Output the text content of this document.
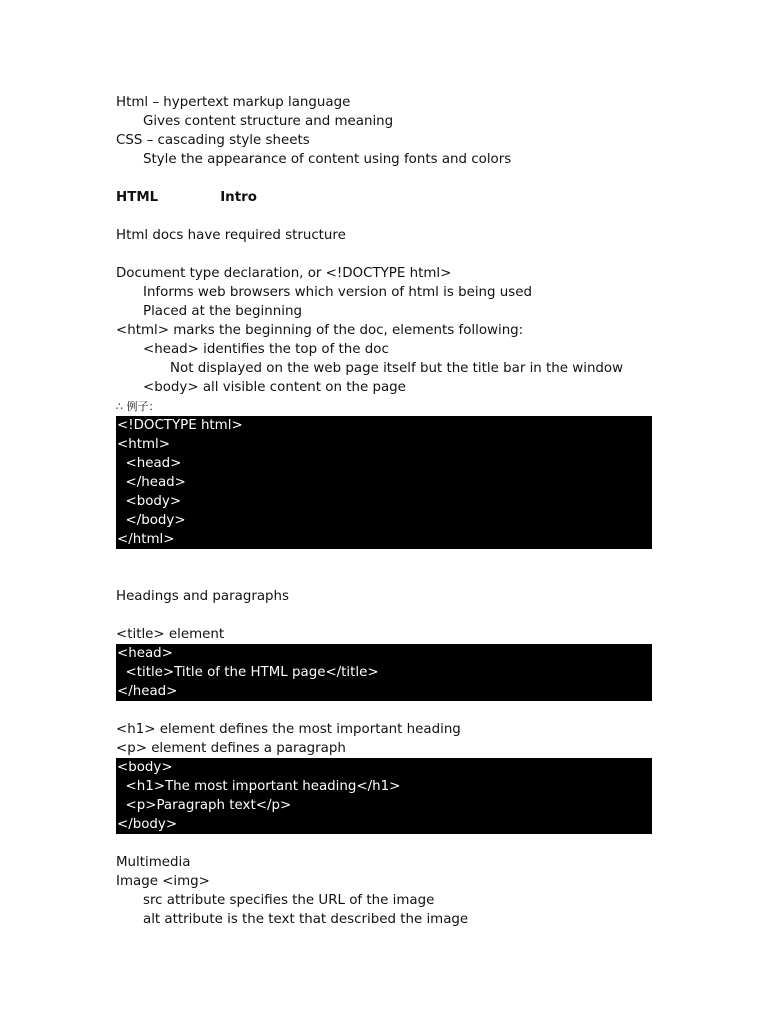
Html – hypertext markup language
Gives content structure and meaning
CSS – cascading style sheets
Style the appearance of content using fonts and colors
HTML	Intro
Html docs have required structure
Document type declaration, or <!DOCTYPE html>
Informs web browsers which version of html is being used
Placed at the beginning
<html> marks the beginning of the doc, elements following:
<head> identifies the top of the doc
Not displayed on the web page itself but the title bar in the window
<body> all visible content on the page
∴ 例子：
<!DOCTYPE html>
<html>
<head>
</head>
<body>
</body>
</html>
Headings and paragraphs
<title> element
<head>
<title>Title of the HTML page</title>
</head>
<h1> element defines the most important heading
<p> element defines a paragraph
<body>
<h1>The most important heading</h1>
<p>Paragraph text</p>
</body>
Multimedia
Image <img>
src attribute specifies the URL of the image
alt attribute is the text that described the image
